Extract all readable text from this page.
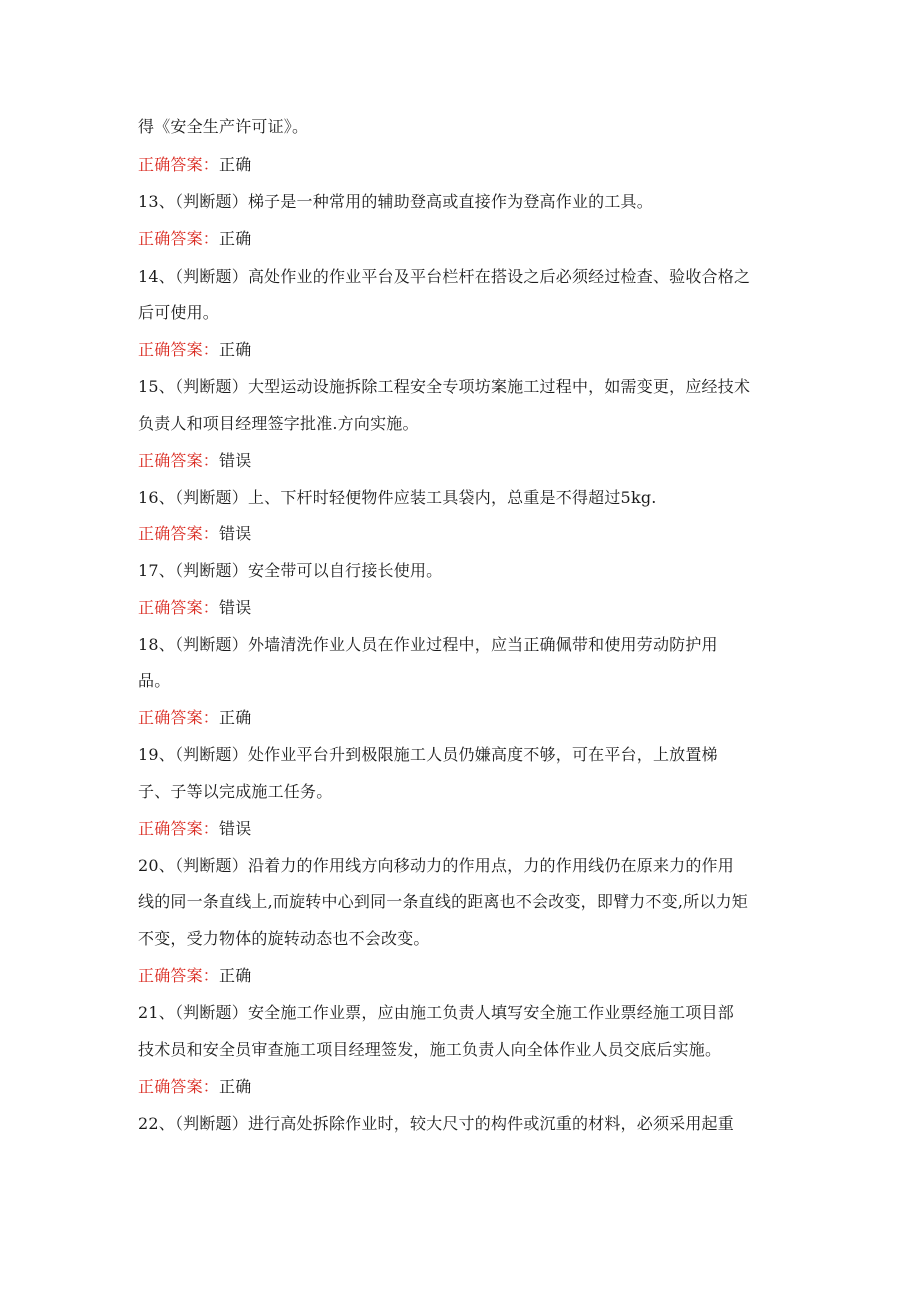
得《安全生产许可证》。
正确答案：正确
13、（判断题）梯子是一种常用的辅助登高或直接作为登高作业的工具。
正确答案：正确
14、（判断题）高处作业的作业平台及平台栏杆在搭设之后必须经过检查、验收合格之
后可使用。
正确答案：正确
15、（判断题）大型运动设施拆除工程安全专项坊案施工过程中，如需变更，应经技术
负责人和项目经理签字批准.方向实施。
正确答案：错误
16、（判断题）上、下杆时轻便物件应装工具袋内，总重是不得超过5kg.
正确答案：错误
17、（判断题）安全带可以自行接长使用。
正确答案：错误
18、（判断题）外墙清洗作业人员在作业过程中，应当正确佩带和使用劳动防护用
品。
正确答案：正确
19、（判断题）处作业平台升到极限施工人员仍嫌高度不够，可在平台，上放置梯
子、子等以完成施工任务。
正确答案：错误
20、（判断题）沿着力的作用线方向移动力的作用点，力的作用线仍在原来力的作用
线的同一条直线上,而旋转中心到同一条直线的距离也不会改变，即臂力不变,所以力矩
不变，受力物体的旋转动态也不会改变。
正确答案：正确
21、（判断题）安全施工作业票，应由施工负责人填写安全施工作业票经施工项目部
技术员和安全员审查施工项目经理签发，施工负责人向全体作业人员交底后实施。
正确答案：正确
22、（判断题）进行高处拆除作业时，较大尺寸的构件或沉重的材料，必须采用起重
